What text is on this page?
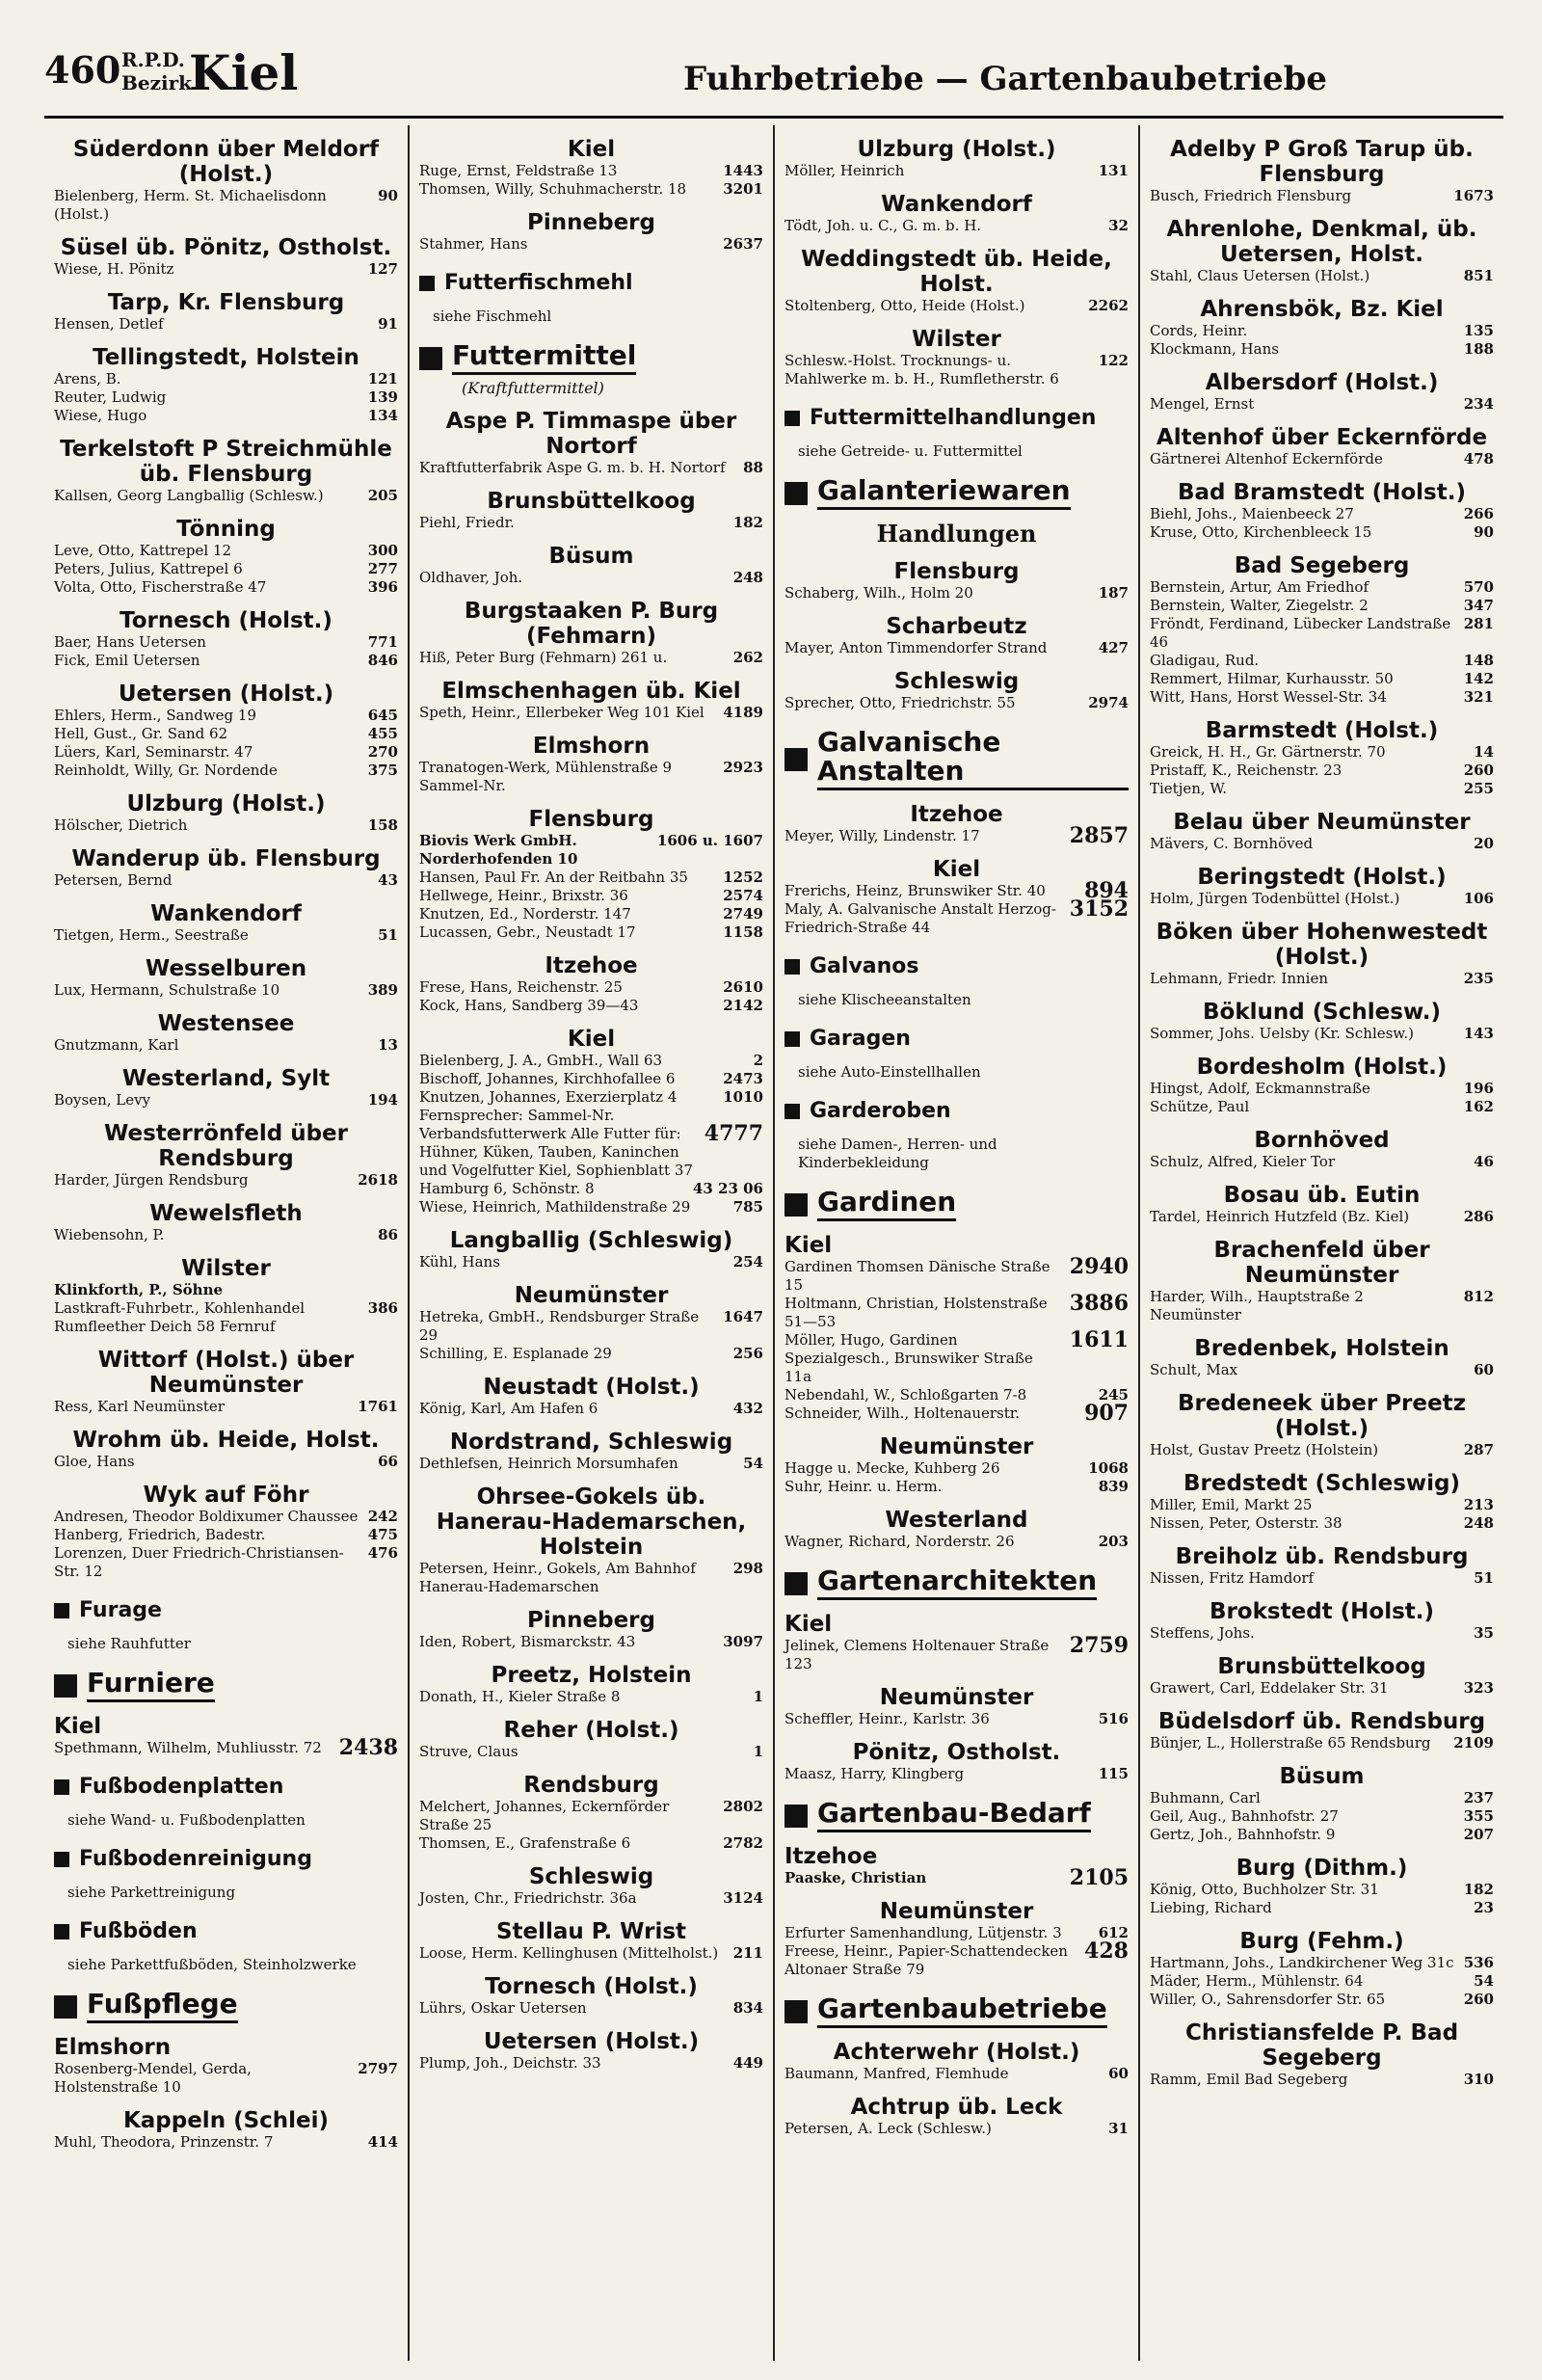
460 R.P.D.
Bezirk
Kiel	Fuhrbetriebe — Gartenbaubetriebe
Süderdonn über Meldorf (Holst.)
Bielenberg, Herm. St. Michaelisdonn (Holst.)
90
Süsel üb. Pönitz, Ostholst.
Wiese, H. Pönitz	127
Tarp, Kr. Flensburg
Hensen, Detlef	91
Tellingstedt, Holstein
Arens, B.	121
Reuter, Ludwig	139
Wiese, Hugo	134
Terkelstoft P Streichmühle üb. Flensburg
Kallsen, Georg Langballig (Schlesw.)	205
Tönning
Leve, Otto, Kattrepel 12	300
Peters, Julius, Kattrepel 6	277
Volta, Otto, Fischerstraße 47	396
Tornesch (Holst.)
Baer, Hans Uetersen	771
Fick, Emil Uetersen	846
Uetersen (Holst.)
Ehlers, Herm., Sandweg 19	645
Hell, Gust., Gr. Sand 62	455
Lüers, Karl, Seminarstr. 47	270
Reinholdt, Willy, Gr. Nordende	375
Ulzburg (Holst.)
Hölscher, Dietrich	158
Wanderup üb. Flensburg
Petersen, Bernd	43
Wankendorf
Tietgen, Herm., Seestraße	51
Wesselburen
Lux, Hermann, Schulstraße 10	389
Westensee
Gnutzmann, Karl	13
Westerland, Sylt
Boysen, Levy	194
Westerrönfeld über Rendsburg
Harder, Jürgen Rendsburg	2618
Wewelsfleth
Wiebensohn, P.	86
Wilster
Klinkforth, P., Söhne
Lastkraft-Fuhrbetr., Kohlenhandel Rumfleether Deich 58 Fernruf
386
Wittorf (Holst.) über Neumünster
Ress, Karl Neumünster	1761
Wrohm üb. Heide, Holst.
Gloe, Hans	66
Wyk auf Föhr
Andresen, Theodor Boldixumer Chaussee 242
Hanberg, Friedrich, Badestr.	475
Lorenzen, Duer Friedrich-Christiansen-Str. 12
476
Furage
siehe Rauhfutter
Furniere
Kiel
Spethmann, Wilhelm, Muhliusstr. 72 2438
Fußbodenplatten
siehe Wand- u. Fußbodenplatten
Fußbodenreinigung
siehe Parkettreinigung
Fußböden
siehe Parkettfußböden, Steinholzwerke
Fußpflege
Elmshorn
Rosenberg-Mendel, Gerda, Holstenstraße 10
2797
Kappeln (Schlei)
Muhl, Theodora, Prinzenstr. 7	414
Kiel
Ruge, Ernst, Feldstraße 13	1443
Thomsen, Willy, Schuhmacherstr. 18	3201
Pinneberg
Stahmer, Hans	2637
Futterfischmehl
siehe Fischmehl
Futtermittel
(Kraftfuttermittel)
Aspe P. Timmaspe über Nortorf
Kraftfutterfabrik Aspe G. m. b. H. Nortorf	88
Brunsbüttelkoog
Piehl, Friedr.	182
Büsum
Oldhaver, Joh.	248
Burgstaaken P. Burg (Fehmarn)
Hiß, Peter Burg (Fehmarn) 261 u.	262
Elmschenhagen üb. Kiel
Speth, Heinr., Ellerbeker Weg 101 Kiel	4189
Elmshorn
Tranatogen-Werk, Mühlenstraße 9 Sammel-Nr.
2923
Flensburg
Biovis Werk GmbH. Norderhofenden 10
1606 u. 1607
Hansen, Paul Fr. An der Reitbahn 35	1252
Hellwege, Heinr., Brixstr. 36	2574
Knutzen, Ed., Norderstr. 147	2749
Lucassen, Gebr., Neustadt 17	1158
Itzehoe
Frese, Hans, Reichenstr. 25	2610
Kock, Hans, Sandberg 39—43	2142
Kiel
Bielenberg, J. A., GmbH., Wall 63	2
Bischoff, Johannes, Kirchhofallee 6	2473
Knutzen, Johannes, Exerzierplatz 4 Fernsprecher: Sammel-Nr.
1010
Verbandsfutterwerk Alle Futter für: Hühner, Küken, Tauben, Kaninchen und Vogelfutter Kiel, Sophienblatt 37
4777
Hamburg 6, Schönstr. 8	43 23 06
Wiese, Heinrich, Mathildenstraße 29	785
Langballig (Schleswig)
Kühl, Hans	254
Neumünster
Hetreka, GmbH., Rendsburger Straße 29
1647
Schilling, E. Esplanade 29	256
Neustadt (Holst.)
König, Karl, Am Hafen 6	432
Nordstrand, Schleswig
Dethlefsen, Heinrich Morsumhafen	54
Ohrsee-Gokels üb. Hanerau-Hademarschen, Holstein
Petersen, Heinr., Gokels, Am Bahnhof Hanerau-Hademarschen
298
Pinneberg
Iden, Robert, Bismarckstr. 43	3097
Preetz, Holstein
Donath, H., Kieler Straße 8	1
Reher (Holst.)
Struve, Claus	1
Rendsburg
Melchert, Johannes, Eckernförder Straße 25
2802
Thomsen, E., Grafenstraße 6	2782
Schleswig
Josten, Chr., Friedrichstr. 36a	3124
Stellau P. Wrist
Loose, Herm. Kellinghusen (Mittelholst.)	211
Tornesch (Holst.)
Lührs, Oskar Uetersen	834
Uetersen (Holst.)
Plump, Joh., Deichstr. 33	449
Ulzburg (Holst.)
Möller, Heinrich	131
Wankendorf
Tödt, Joh. u. C., G. m. b. H.	32
Weddingstedt üb. Heide, Holst.
Stoltenberg, Otto, Heide (Holst.)	2262
Wilster
Schlesw.-Holst. Trocknungs- u. Mahlwerke m. b. H., Rumfletherstr. 6
122
Futtermittelhandlungen
siehe Getreide- u. Futtermittel
Galanteriewaren
Handlungen
Flensburg
Schaberg, Wilh., Holm 20	187
Scharbeutz
Mayer, Anton Timmendorfer Strand	427
Schleswig
Sprecher, Otto, Friedrichstr. 55	2974
Galvanische Anstalten
Itzehoe
Meyer, Willy, Lindenstr. 17	2857
Kiel
Frerichs, Heinz, Brunswiker Str. 40	894
Maly, A. Galvanische Anstalt Herzog-Friedrich-Straße 44
3152
Galvanos
siehe Klischeeanstalten
Garagen
siehe Auto-Einstellhallen
Garderoben
siehe Damen-, Herren- und Kinderbekleidung
Gardinen
Kiel
Gardinen Thomsen Dänische Straße 15
2940
Holtmann, Christian, Holstenstraße 51—53
3886
Möller, Hugo, Gardinen Spezialgesch., Brunswiker Straße 11a
1611
Nebendahl, W., Schloßgarten 7-8	245
Schneider, Wilh., Holtenauerstr.	907
Neumünster
Hagge u. Mecke, Kuhberg 26	1068
Suhr, Heinr. u. Herm.	839
Westerland
Wagner, Richard, Norderstr. 26	203
Gartenarchitekten
Kiel
Jelinek, Clemens Holtenauer Straße 123
2759
Neumünster
Scheffler, Heinr., Karlstr. 36	516
Pönitz, Ostholst.
Maasz, Harry, Klingberg	115
Gartenbau-Bedarf
Itzehoe
Paaske, Christian	2105
Neumünster
Erfurter Samenhandlung, Lütjenstr. 3	612
Freese, Heinr., Papier-Schattendecken Altonaer Straße 79
428
Gartenbaubetriebe
Achterwehr (Holst.)
Baumann, Manfred, Flemhude	60
Achtrup üb. Leck
Petersen, A. Leck (Schlesw.)	31
Adelby P Groß Tarup üb. Flensburg
Busch, Friedrich Flensburg	1673
Ahrenlohe, Denkmal, üb. Uetersen, Holst.
Stahl, Claus Uetersen (Holst.)	851
Ahrensbök, Bz. Kiel
Cords, Heinr.	135
Klockmann, Hans	188
Albersdorf (Holst.)
Mengel, Ernst	234
Altenhof über Eckernförde
Gärtnerei Altenhof Eckernförde	478
Bad Bramstedt (Holst.)
Biehl, Johs., Maienbeeck 27	266
Kruse, Otto, Kirchenbleeck 15	90
Bad Segeberg
Bernstein, Artur, Am Friedhof	570
Bernstein, Walter, Ziegelstr. 2	347
Fröndt, Ferdinand, Lübecker Landstraße 46
281
Gladigau, Rud.	148
Remmert, Hilmar, Kurhausstr. 50	142
Witt, Hans, Horst Wessel-Str. 34	321
Barmstedt (Holst.)
Greick, H. H., Gr. Gärtnerstr. 70	14
Pristaff, K., Reichenstr. 23	260
Tietjen, W.	255
Belau über Neumünster
Mävers, C. Bornhöved	20
Beringstedt (Holst.)
Holm, Jürgen Todenbüttel (Holst.)	106
Böken über Hohenwestedt (Holst.)
Lehmann, Friedr. Innien	235
Böklund (Schlesw.)
Sommer, Johs. Uelsby (Kr. Schlesw.)	143
Bordesholm (Holst.)
Hingst, Adolf, Eckmannstraße	196
Schütze, Paul	162
Bornhöved
Schulz, Alfred, Kieler Tor	46
Bosau üb. Eutin
Tardel, Heinrich Hutzfeld (Bz. Kiel)	286
Brachenfeld über Neumünster
Harder, Wilh., Hauptstraße 2 Neumünster
812
Bredenbek, Holstein
Schult, Max	60
Bredeneek über Preetz (Holst.)
Holst, Gustav Preetz (Holstein)	287
Bredstedt (Schleswig)
Miller, Emil, Markt 25	213
Nissen, Peter, Osterstr. 38	248
Breiholz üb. Rendsburg
Nissen, Fritz Hamdorf	51
Brokstedt (Holst.)
Steffens, Johs.	35
Brunsbüttelkoog
Grawert, Carl, Eddelaker Str. 31	323
Büdelsdorf üb. Rendsburg
Bünjer, L., Hollerstraße 65 Rendsburg	2109
Büsum
Buhmann, Carl	237
Geil, Aug., Bahnhofstr. 27	355
Gertz, Joh., Bahnhofstr. 9	207
Burg (Dithm.)
König, Otto, Buchholzer Str. 31	182
Liebing, Richard	23
Burg (Fehm.)
Hartmann, Johs., Landkirchener Weg 31c 536
Mäder, Herm., Mühlenstr. 64	54
Willer, O., Sahrensdorfer Str. 65	260
Christiansfelde P. Bad Segeberg
Ramm, Emil Bad Segeberg	310
